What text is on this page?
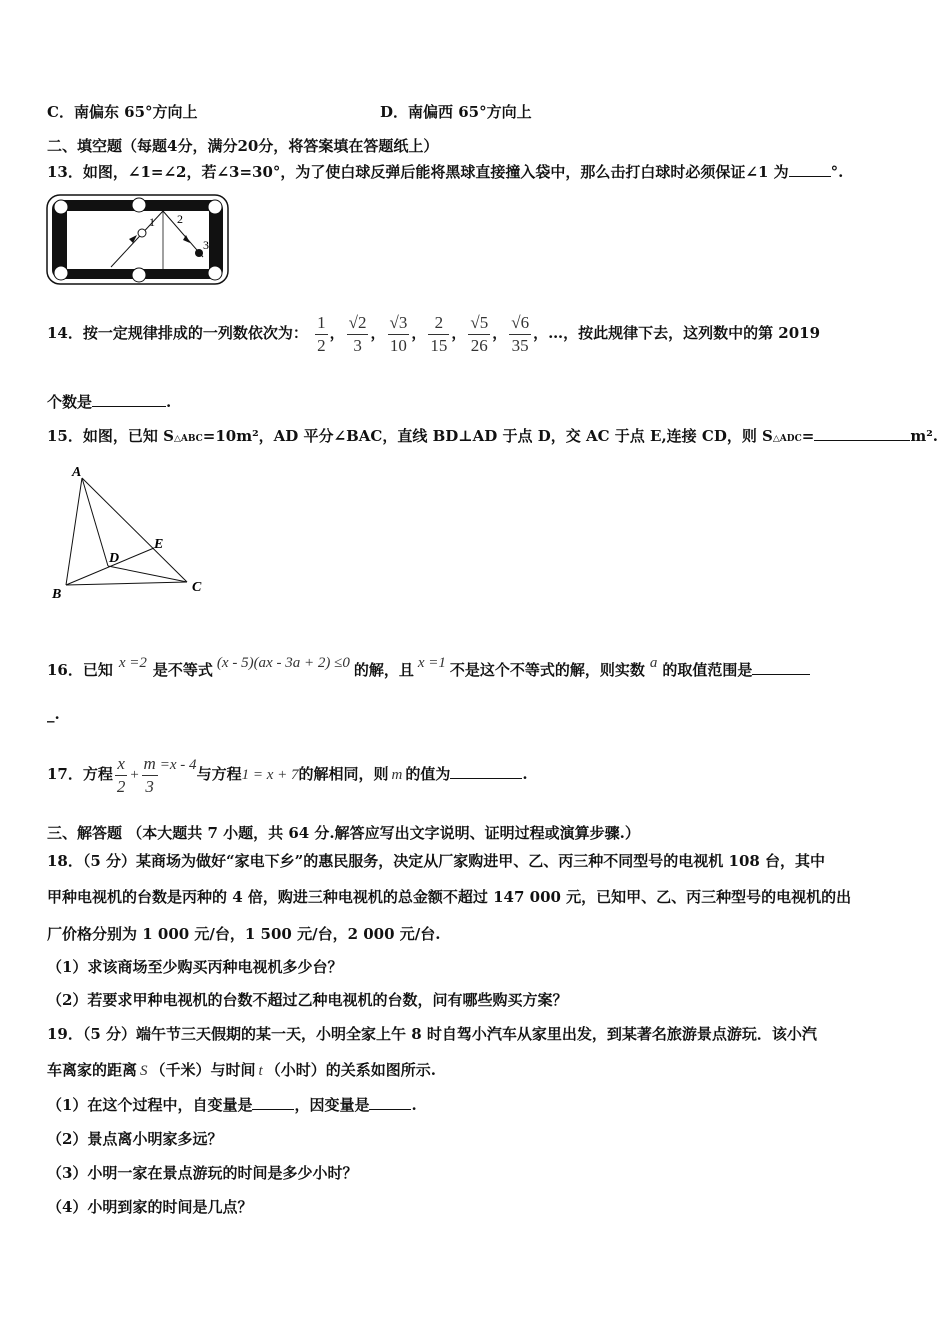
C．南偏东 65°方向上	D．南偏西 65°方向上
二、填空题（每题4分，满分20分，将答案填在答题纸上）
13．如图，∠1=∠2，若∠3=30°，为了使白球反弹后能将黑球直接撞入袋中，那么击打白球时必须保证∠1 为	°.
1 2
3
14．按一定规律排成的一列数依次为： $\frac{1}{2}$ ， $\frac{√2}{3}$ ， $\frac{√3}{10}$ ， $\frac{2}{15}$ ， $\frac{√5}{26}$ ， $\frac{√6}{35}$ ，…，按此规律下去，这列数中的第 2019
个数是	.
15．如图，已知 S△ABC=10m²，AD 平分∠BAC，直线 BD⊥AD 于点 D，交 AC 于点 E,连接 CD，则 S△ADC=	m².
A
B	C
D
E
16．已知 x =2 是不等式 (x - 5)(ax - 3a + 2) ≤0 的解，且 x =1 不是这个不等式的解，则实数 a 的取值范围是
_.
17．方程 $\frac{x}{2} + \frac{m}{3} =x - 4$与方程1 = x + 7的解相同，则 m 的值为	.
三、解答题 （本大题共 7 小题，共 64 分.解答应写出文字说明、证明过程或演算步骤.）
18．（5 分）某商场为做好“家电下乡”的惠民服务，决定从厂家购进甲、乙、丙三种不同型号的电视机 108 台，其中
甲种电视机的台数是丙种的 4 倍，购进三种电视机的总金额不超过 147 000 元，已知甲、乙、丙三种型号的电视机的出
厂价格分别为 1 000 元/台，1 500 元/台，2 000 元/台.
（1）求该商场至少购买丙种电视机多少台？
（2）若要求甲种电视机的台数不超过乙种电视机的台数，问有哪些购买方案？
19．（5 分）端午节三天假期的某一天，小明全家上午 8 时自驾小汽车从家里出发，到某著名旅游景点游玩．该小汽
车离家的距离 S （千米）与时间 t （小时）的关系如图所示.
（1）在这个过程中，自变量是	，因变量是	.
（2）景点离小明家多远？
（3）小明一家在景点游玩的时间是多少小时？
（4）小明到家的时间是几点？
